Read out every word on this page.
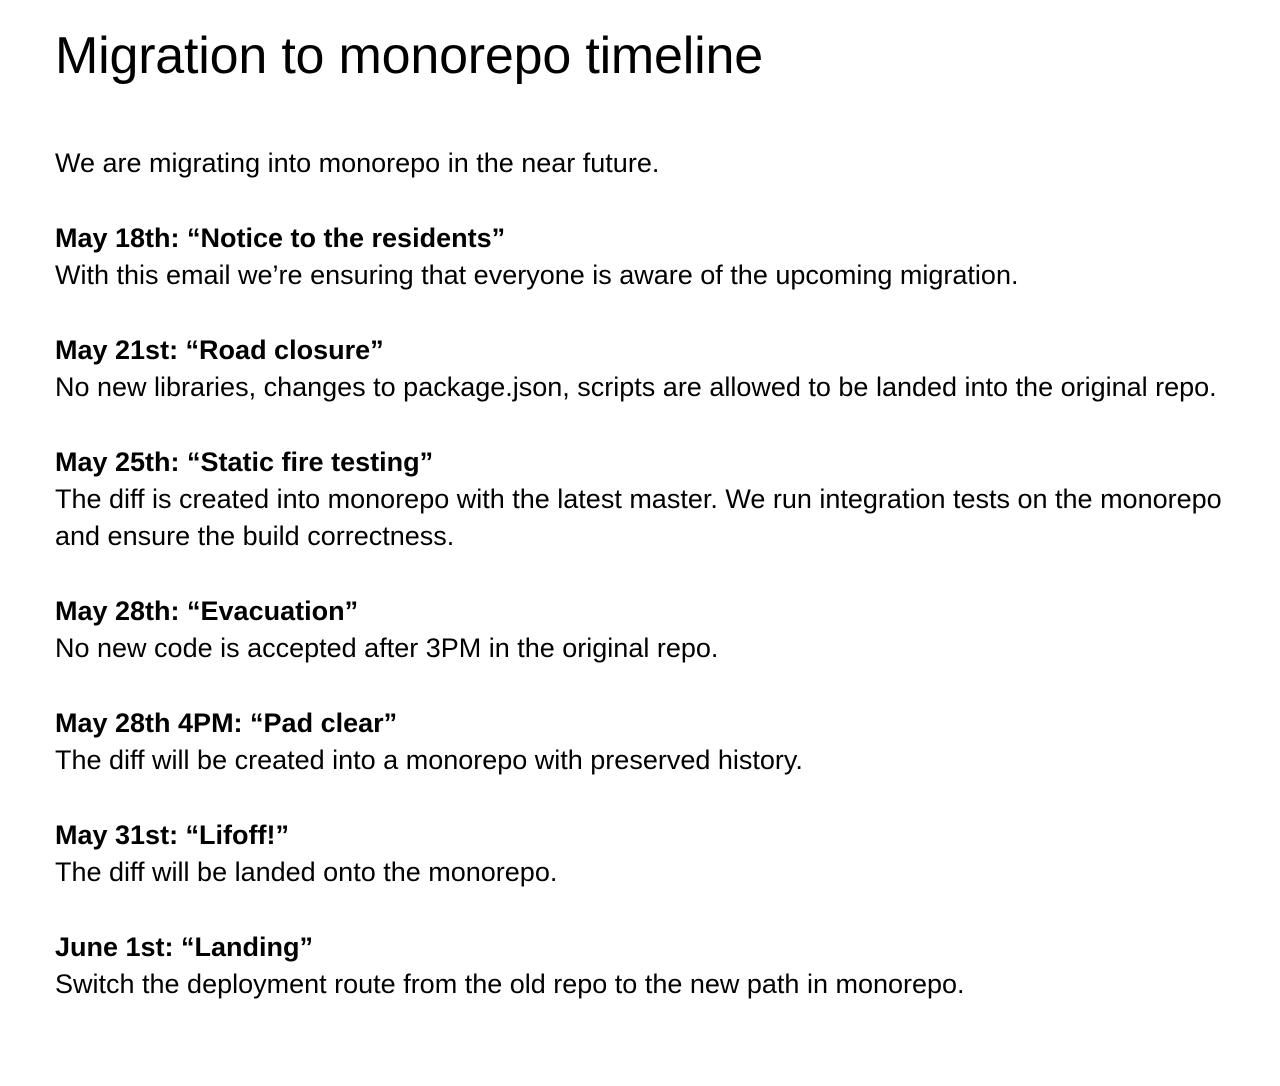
Migration to monorepo timeline

We are migrating into monorepo in the near future.

May 18th: “Notice to the residents”

With this email we’re ensuring that everyone is aware of the upcoming migration.

May 21st: “Road closure”

No new libraries, changes to package.json, scripts are allowed to be landed into the original repo.

May 25th: “Static fire testing”

The diff is created into monorepo with the latest master. We run integration tests on the monorepo and ensure the build correctness.

May 28th: “Evacuation”

No new code is accepted after 3PM in the original repo.

May 28th 4PM: “Pad clear”

The diff will be created into a monorepo with preserved history.

May 31st: “Lifoff!”

The diff will be landed onto the monorepo.

June 1st: “Landing”

Switch the deployment route from the old repo to the new path in monorepo.
